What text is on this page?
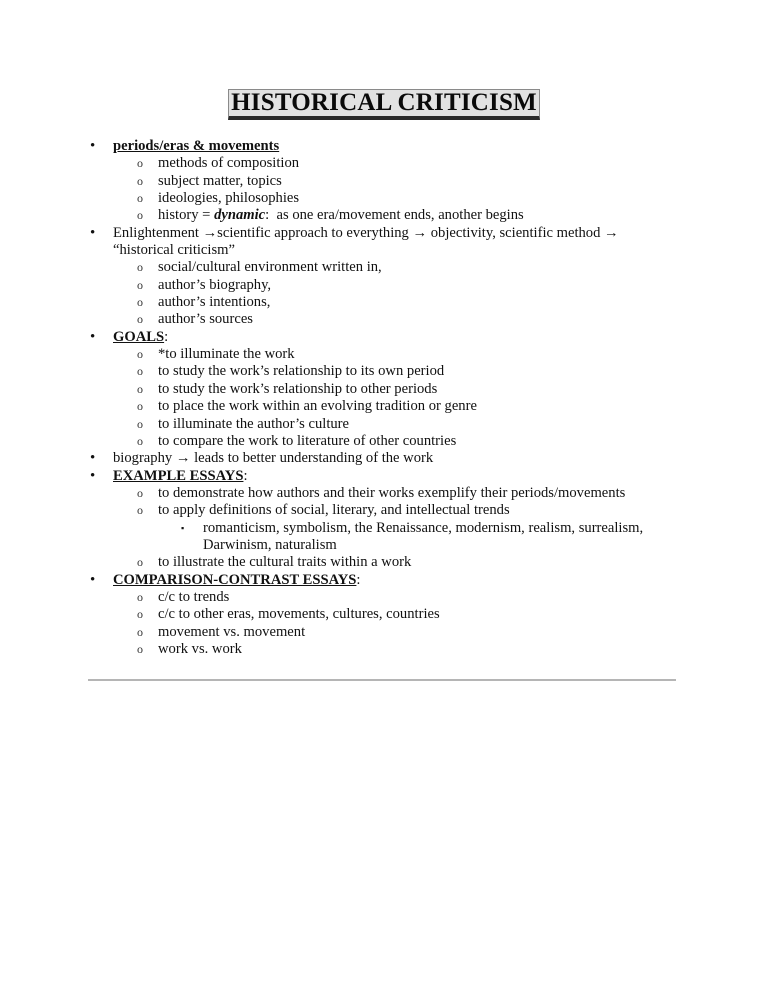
HISTORICAL CRITICISM
• periods/eras & movements
o methods of composition
o subject matter, topics
o ideologies, philosophies
o history = dynamic:  as one era/movement ends, another begins
• Enlightenment →scientific approach to everything → objectivity, scientific method →
“historical criticism”
o social/cultural environment written in,
o author’s biography,
o author’s intentions,
o author’s sources
• GOALS:
o *to illuminate the work
o to study the work’s relationship to its own period
o to study the work’s relationship to other periods
o to place the work within an evolving tradition or genre
o to illuminate the author’s culture
o to compare the work to literature of other countries
• biography → leads to better understanding of the work
• EXAMPLE ESSAYS:
o to demonstrate how authors and their works exemplify their periods/movements
o to apply definitions of social, literary, and intellectual trends
▪ romanticism, symbolism, the Renaissance, modernism, realism, surrealism, Darwinism, naturalism
o to illustrate the cultural traits within a work
• COMPARISON-CONTRAST ESSAYS:
o c/c to trends
o c/c to other eras, movements, cultures, countries
o movement vs. movement
o work vs. work
